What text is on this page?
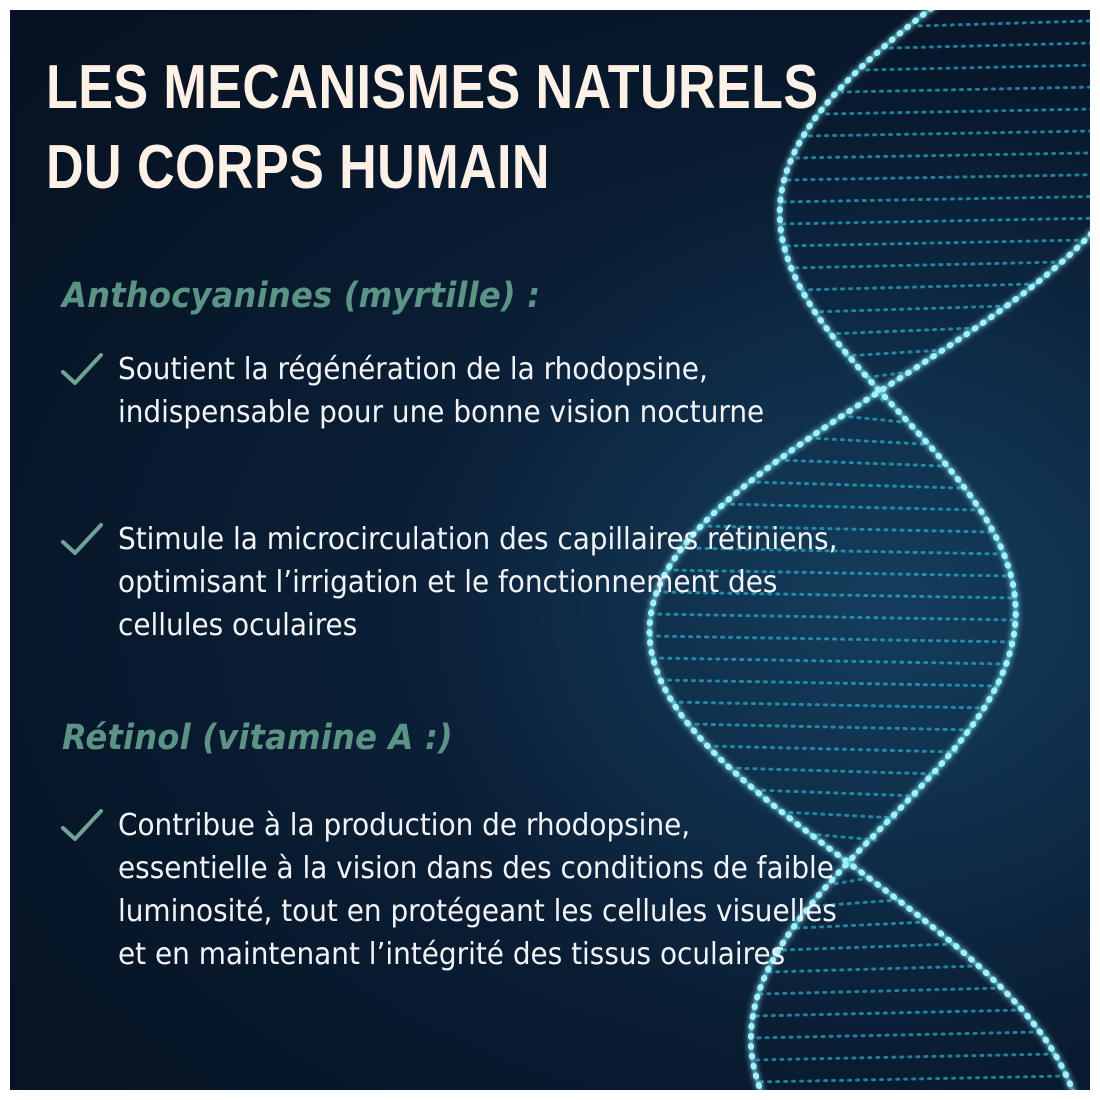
LES MECANISMES NATURELS
DU CORPS HUMAIN
Anthocyanines (myrtille) :

Soutient la régénération de la rhodopsine, indispensable pour une bonne vision nocturne

Stimule la microcirculation des capillaires rétiniens, optimisant l’irrigation et le fonctionnement des cellules oculaires

Rétinol (vitamine A :)

Contribue à la production de rhodopsine, essentielle à la vision dans des conditions de faible luminosité, tout en protégeant les cellules visuelles et en maintenant l’intégrité des tissus oculaires
